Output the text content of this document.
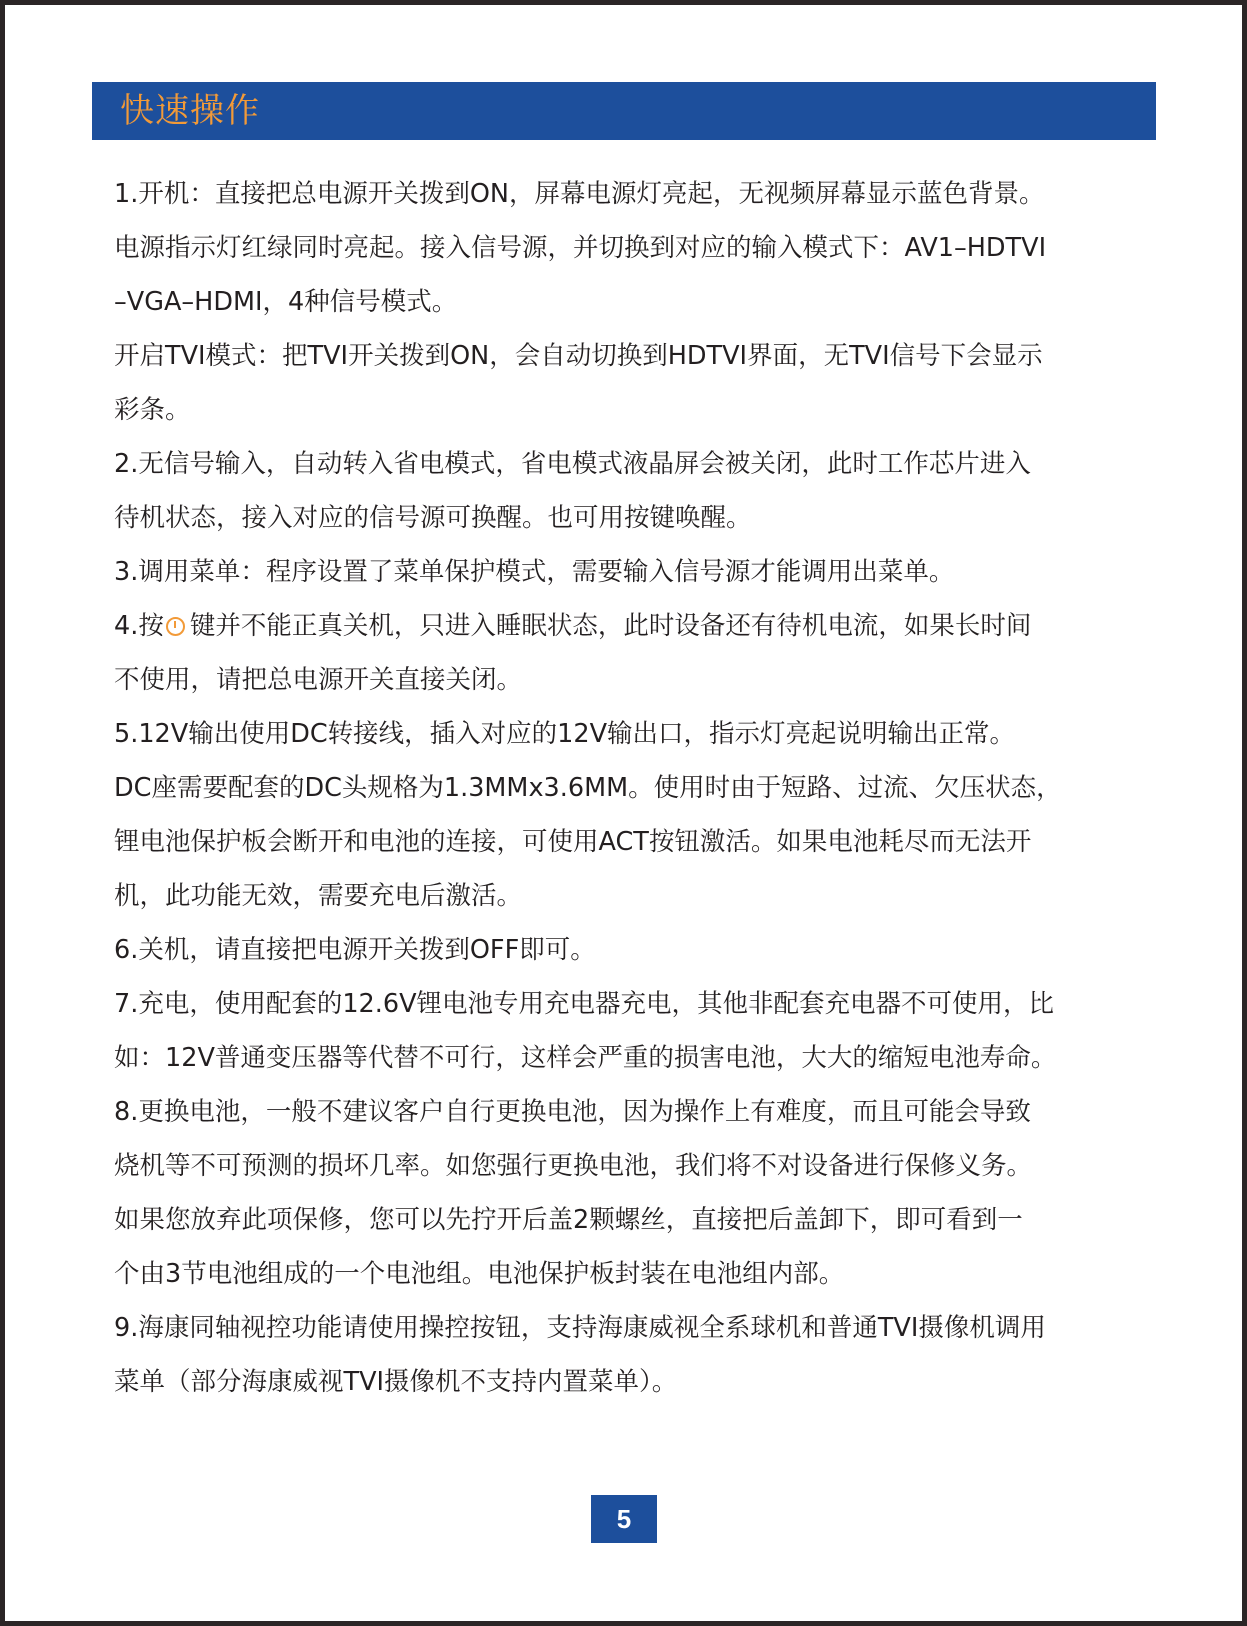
快速操作
1.开机：直接把总电源开关拨到ON，屏幕电源灯亮起，无视频屏幕显示蓝色背景。
电源指示灯红绿同时亮起。接入信号源，并切换到对应的输入模式下：AV1–HDTVI
–VGA–HDMI，4种信号模式。
开启TVI模式：把TVI开关拨到ON，会自动切换到HDTVI界面，无TVI信号下会显示
彩条。
2.无信号输入，自动转入省电模式，省电模式液晶屏会被关闭，此时工作芯片进入
待机状态，接入对应的信号源可换醒。也可用按键唤醒。
3.调用菜单：程序设置了菜单保护模式，需要输入信号源才能调用出菜单。
4.按 键并不能正真关机，只进入睡眠状态，此时设备还有待机电流，如果长时间
不使用，请把总电源开关直接关闭。
5.12V输出使用DC转接线，插入对应的12V输出口，指示灯亮起说明输出正常。
DC座需要配套的DC头规格为1.3MMx3.6MM。使用时由于短路、过流、欠压状态，
锂电池保护板会断开和电池的连接，可使用ACT按钮激活。如果电池耗尽而无法开
机，此功能无效，需要充电后激活。
6.关机，请直接把电源开关拨到OFF即可。
7.充电，使用配套的12.6V锂电池专用充电器充电，其他非配套充电器不可使用，比
如：12V普通变压器等代替不可行，这样会严重的损害电池，大大的缩短电池寿命。
8.更换电池，一般不建议客户自行更换电池，因为操作上有难度，而且可能会导致
烧机等不可预测的损坏几率。如您强行更换电池，我们将不对设备进行保修义务。
如果您放弃此项保修，您可以先拧开后盖2颗螺丝，直接把后盖卸下，即可看到一
个由3节电池组成的一个电池组。电池保护板封装在电池组内部。
9.海康同轴视控功能请使用操控按钮，支持海康威视全系球机和普通TVI摄像机调用
菜单（部分海康威视TVI摄像机不支持内置菜单）。
5
